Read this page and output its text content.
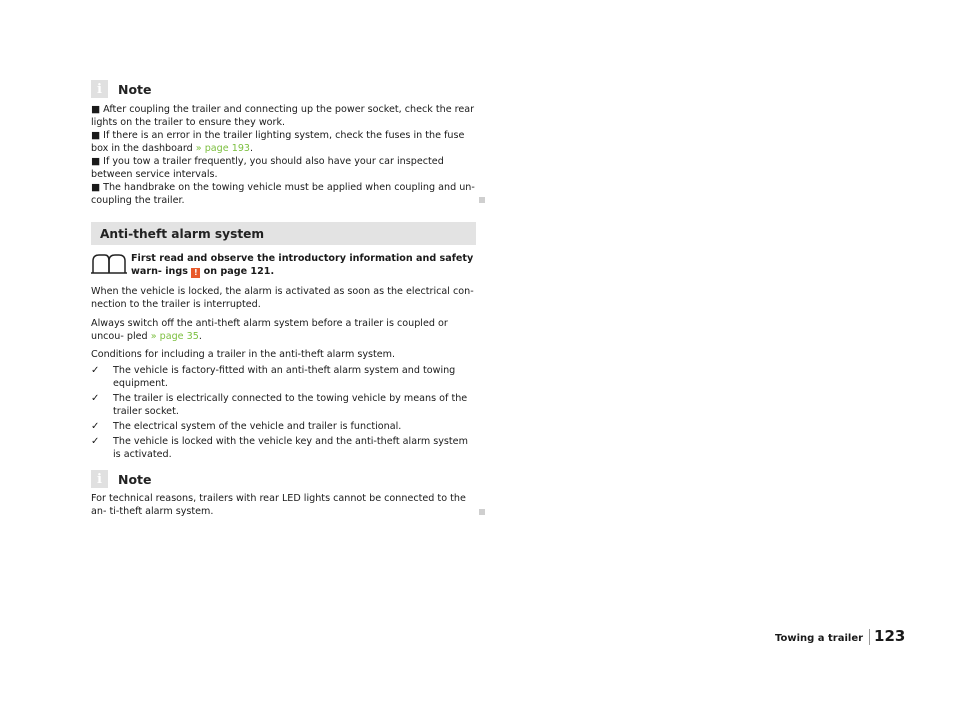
i	Note
■ After coupling the trailer and connecting up the power socket, check the rear lights on the trailer to ensure they work.
■ If there is an error in the trailer lighting system, check the fuses in the fuse box in the dashboard » page 193.
■ If you tow a trailer frequently, you should also have your car inspected between service intervals.
■ The handbrake on the towing vehicle must be applied when coupling and un- coupling the trailer.
Anti-theft alarm system
First read and observe the introductory information and safety warn- ings ! on page 121.
When the vehicle is locked, the alarm is activated as soon as the electrical con- nection to the trailer is interrupted.
Always switch off the anti-theft alarm system before a trailer is coupled or uncou- pled » page 35.
Conditions for including a trailer in the anti-theft alarm system.
✓ The vehicle is factory-fitted with an anti-theft alarm system and towing equipment.
✓ The trailer is electrically connected to the towing vehicle by means of the trailer socket.
✓ The electrical system of the vehicle and trailer is functional.
✓ The vehicle is locked with the vehicle key and the anti-theft alarm system is activated.
i	Note
For technical reasons, trailers with rear LED lights cannot be connected to the an- ti-theft alarm system.
Towing a trailer 123
